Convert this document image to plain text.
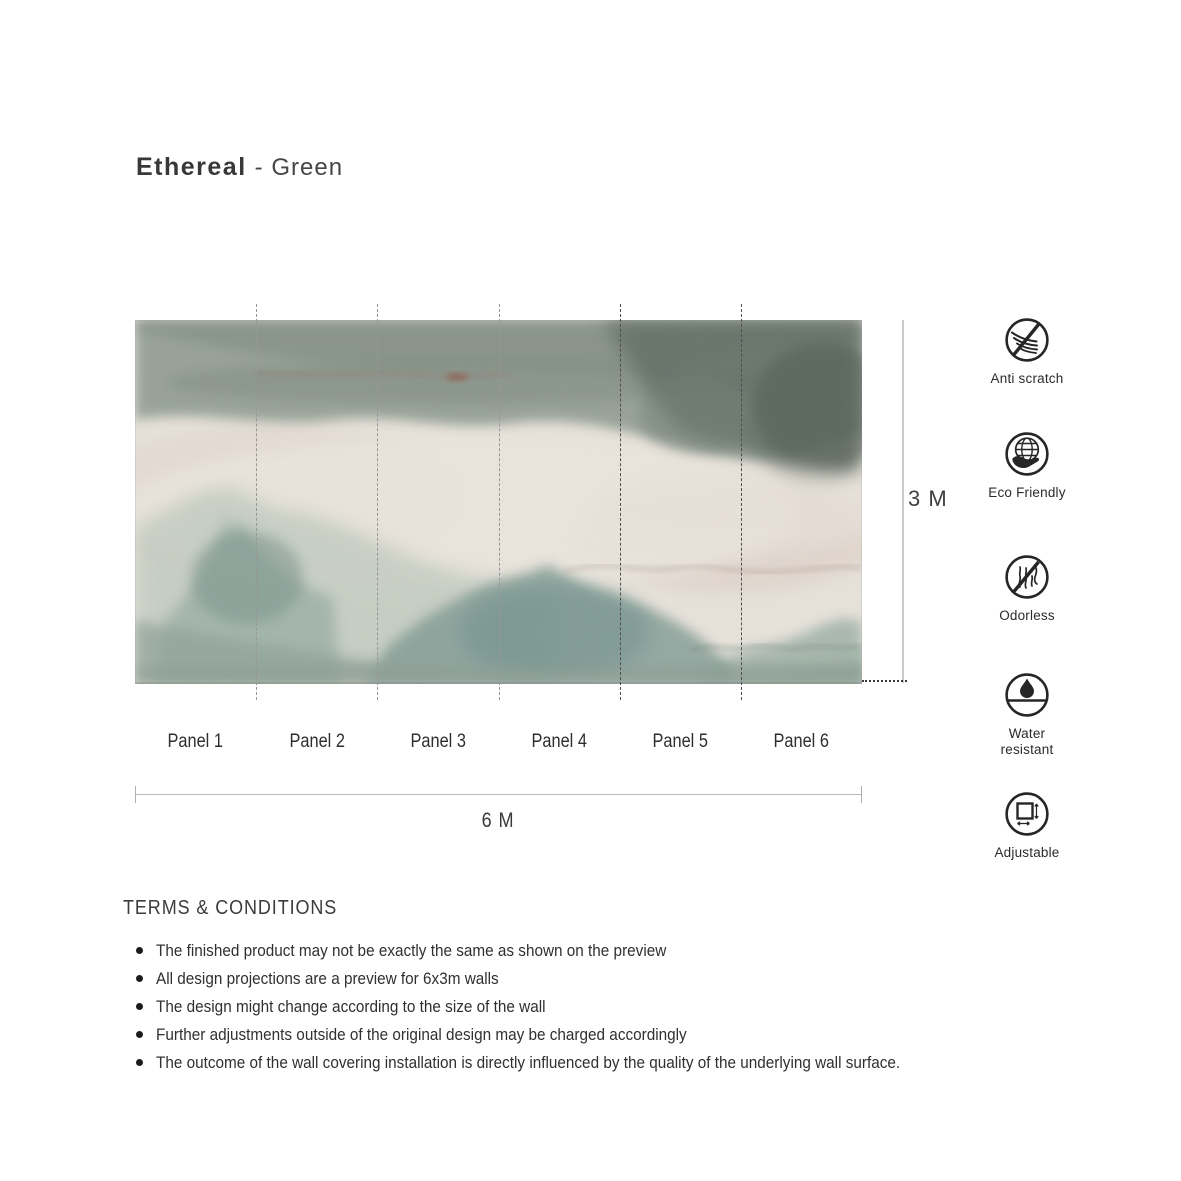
Ethereal - Green
3 M
Panel 1	Panel 2	Panel 3	Panel 4	Panel 5	Panel 6
6 M
Anti scratch
Eco Friendly
Odorless
Water resistant
Adjustable
TERMS & CONDITIONS
The finished product may not be exactly the same as shown on the preview
All design projections are a preview for 6x3m walls
The design might change according to the size of the wall
Further adjustments outside of the original design may be charged accordingly
The outcome of the wall covering installation is directly influenced by the quality of the underlying wall surface.
